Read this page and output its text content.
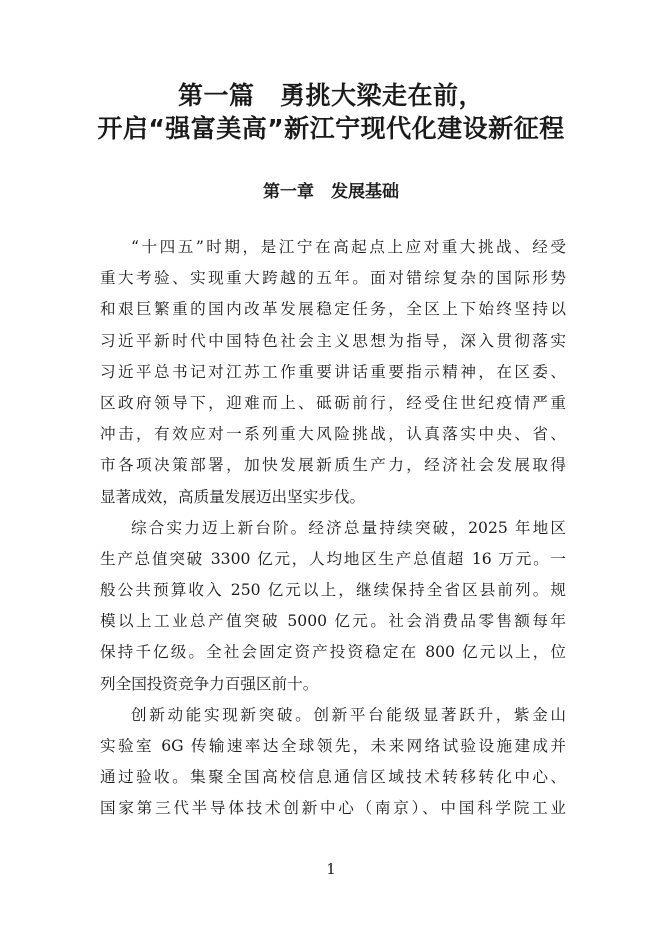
第一篇　勇挑大梁走在前，
开启“强富美高”新江宁现代化建设新征程
第一章　发展基础
“十四五”时期，是江宁在高起点上应对重大挑战、经受
重大考验、实现重大跨越的五年。面对错综复杂的国际形势
和艰巨繁重的国内改革发展稳定任务，全区上下始终坚持以
习近平新时代中国特色社会主义思想为指导，深入贯彻落实
习近平总书记对江苏工作重要讲话重要指示精神，在区委、
区政府领导下，迎难而上、砥砺前行，经受住世纪疫情严重
冲击，有效应对一系列重大风险挑战，认真落实中央、省、
市各项决策部署，加快发展新质生产力，经济社会发展取得
显著成效，高质量发展迈出坚实步伐。
综合实力迈上新台阶。经济总量持续突破，2025 年地区
生产总值突破 3300 亿元，人均地区生产总值超 16 万元。一
般公共预算收入 250 亿元以上，继续保持全省区县前列。规
模以上工业总产值突破 5000 亿元。社会消费品零售额每年
保持千亿级。全社会固定资产投资稳定在 800 亿元以上，位
列全国投资竞争力百强区前十。
创新动能实现新突破。创新平台能级显著跃升，紫金山
实验室 6G 传输速率达全球领先，未来网络试验设施建成并
通过验收。集聚全国高校信息通信区域技术转移转化中心、
国家第三代半导体技术创新中心（南京）、中国科学院工业
1
